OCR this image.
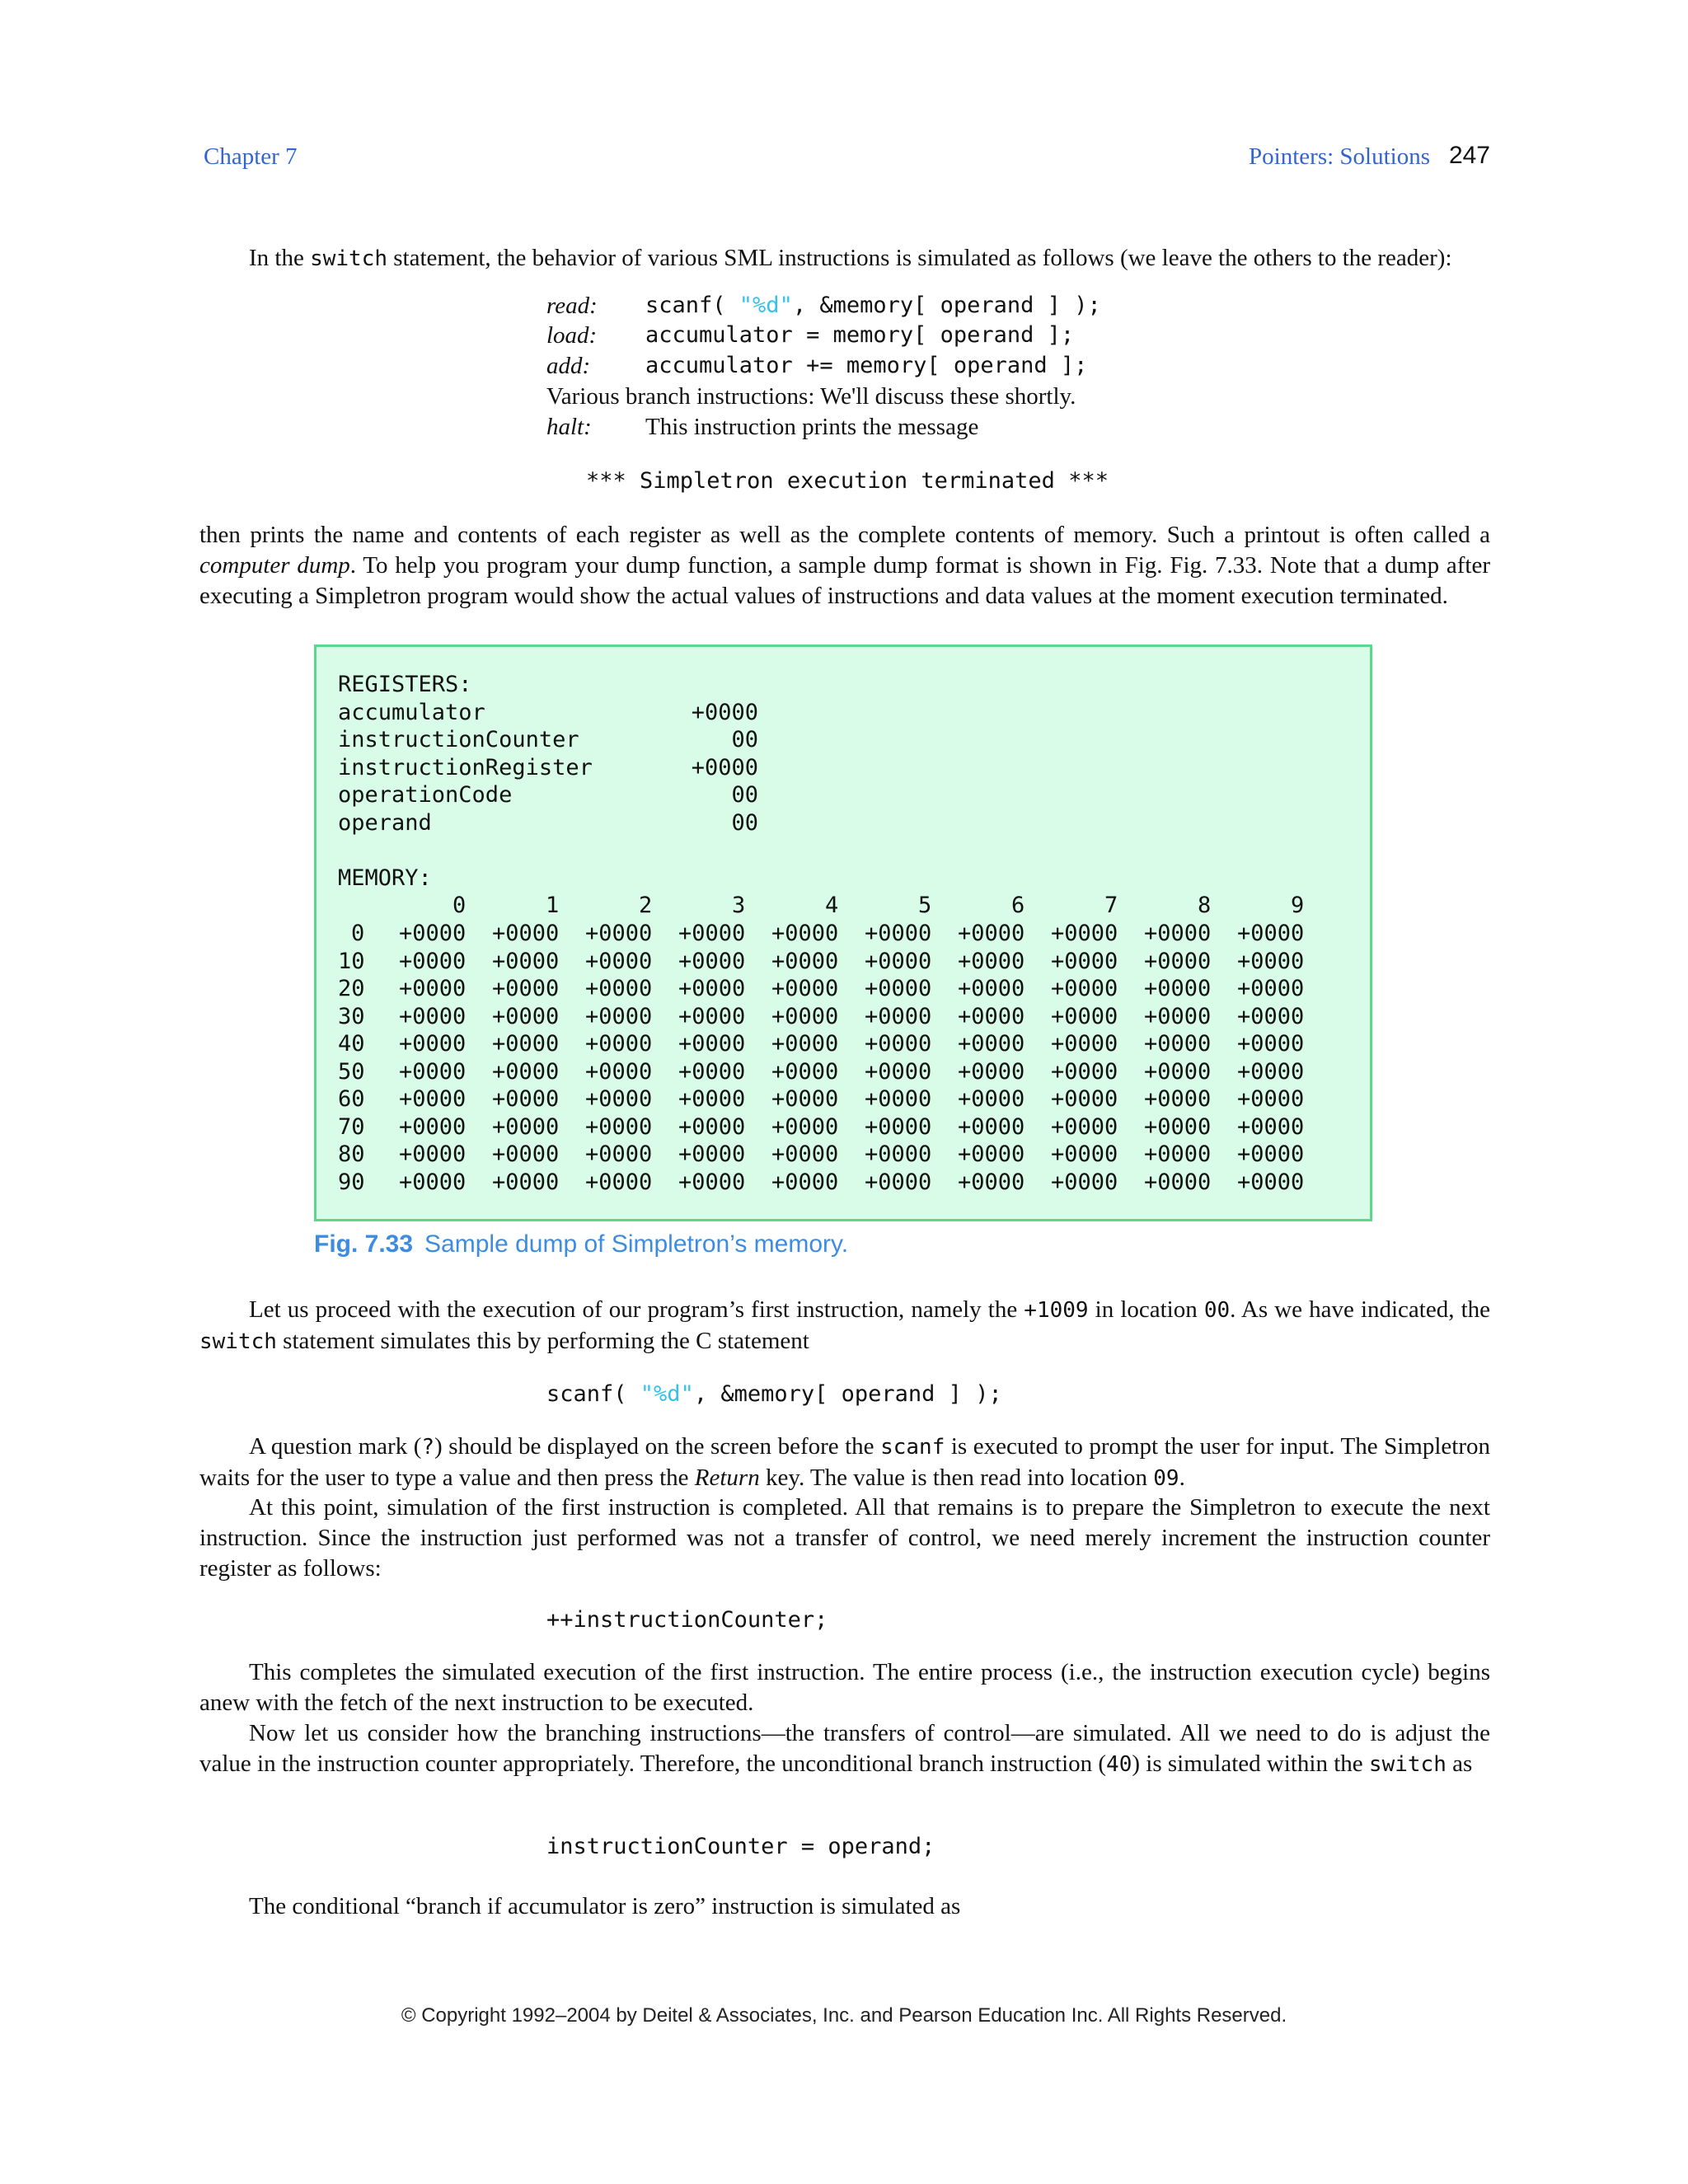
Chapter 7	Pointers: Solutions 247
In the switch statement, the behavior of various SML instructions is simulated as follows (we leave the others to the reader):
read: scanf( "%d", &memory[ operand ] );
load: accumulator = memory[ operand ];
add: accumulator += memory[ operand ];
Various branch instructions: We'll discuss these shortly.
halt: This instruction prints the message
*** Simpletron execution terminated ***
then prints the name and contents of each register as well as the complete contents of memory. Such a printout is often called a computer dump. To help you program your dump function, a sample dump format is shown in Fig. Fig. 7.33. Note that a dump after executing a Simpletron program would show the actual values of instructions and data values at the moment execution terminated.
REGISTERS:
accumulator	+0000
instructionCounter	00
instructionRegister	+0000
operationCode	00
operand	00
MEMORY:
0	1	2	3	4	5	6	7	8	9
0 +0000 +0000 +0000 +0000 +0000 +0000 +0000 +0000 +0000 +0000
10 +0000 +0000 +0000 +0000 +0000 +0000 +0000 +0000 +0000 +0000
20 +0000 +0000 +0000 +0000 +0000 +0000 +0000 +0000 +0000 +0000
30 +0000 +0000 +0000 +0000 +0000 +0000 +0000 +0000 +0000 +0000
40 +0000 +0000 +0000 +0000 +0000 +0000 +0000 +0000 +0000 +0000
50 +0000 +0000 +0000 +0000 +0000 +0000 +0000 +0000 +0000 +0000
60 +0000 +0000 +0000 +0000 +0000 +0000 +0000 +0000 +0000 +0000
70 +0000 +0000 +0000 +0000 +0000 +0000 +0000 +0000 +0000 +0000
80 +0000 +0000 +0000 +0000 +0000 +0000 +0000 +0000 +0000 +0000
90 +0000 +0000 +0000 +0000 +0000 +0000 +0000 +0000 +0000 +0000
Fig. 7.33 Sample dump of Simpletron’s memory.
Let us proceed with the execution of our program’s first instruction, namely the +1009 in location 00. As we have indicated, the switch statement simulates this by performing the C statement
scanf( "%d", &memory[ operand ] );
A question mark (?) should be displayed on the screen before the scanf is executed to prompt the user for input. The Simpletron waits for the user to type a value and then press the Return key. The value is then read into location 09.
At this point, simulation of the first instruction is completed. All that remains is to prepare the Simpletron to execute the next instruction. Since the instruction just performed was not a transfer of control, we need merely increment the instruction counter register as follows:
++instructionCounter;
This completes the simulated execution of the first instruction. The entire process (i.e., the instruction execution cycle) begins anew with the fetch of the next instruction to be executed.
Now let us consider how the branching instructions—the transfers of control—are simulated. All we need to do is adjust the value in the instruction counter appropriately. Therefore, the unconditional branch instruction (40) is simulated within the switch as
instructionCounter = operand;
The conditional “branch if accumulator is zero” instruction is simulated as
© Copyright 1992–2004 by Deitel & Associates, Inc. and Pearson Education Inc. All Rights Reserved.
